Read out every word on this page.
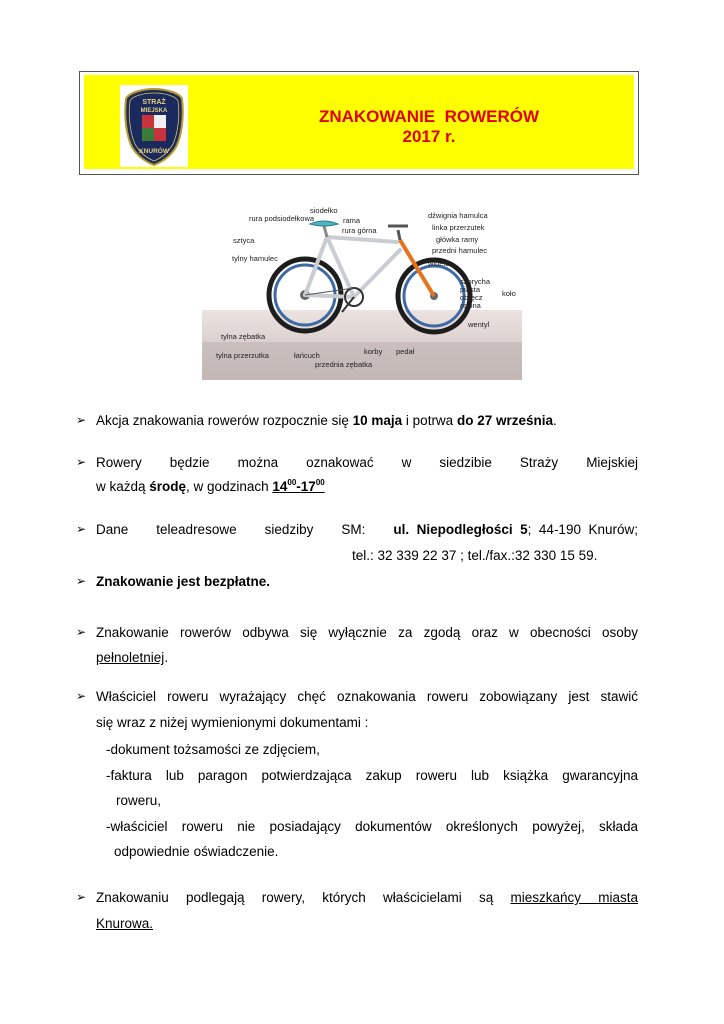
STRAŻ
MIEJSKA
KNURÓW
ZNAKOWANIE  ROWERÓW
2017 r.
siodełko
rura podsiodełkowa	rama
rura górna
sztyca
tylny hamulec
dźwignia hamulca
linka przerzutek
główka ramy
przedni hamulec
widelec
szprycha
piasta
obręcz
opona
koło
wentyl
tylna zębatka
tylna przerzutka	łańcuch	korby pedał
przednia zębatka
➢ Akcja znakowania rowerów rozpocznie się 10 maja i potrwa do 27 września.
➢ Rowery będzie można oznakować w siedzibie Straży Miejskiej
w każdą środę, w godzinach $14^{00}-17^{00}$
➢ Dane teleadresowe siedziby SM: ul.  Niepodległości  5;  44-190  Knurów;
tel.: 32 339 22 37 ; tel./fax.:32 330 15 59.
➢ Znakowanie jest bezpłatne.
➢ Znakowanie rowerów odbywa się wyłącznie za zgodą oraz w obecności osoby
pełnoletniej.
➢ Właściciel roweru wyrażający chęć oznakowania roweru zobowiązany jest stawić
się wraz z niżej wymienionymi dokumentami :
-dokument tożsamości ze zdjęciem,
-faktura lub paragon potwierdzająca zakup roweru lub książka gwarancyjna
roweru,
-właściciel roweru nie posiadający dokumentów określonych powyżej, składa
odpowiednie oświadczenie.
➢ Znakowaniu podlegają rowery, których właścicielami są mieszkańcy miasta
Knurowa.
